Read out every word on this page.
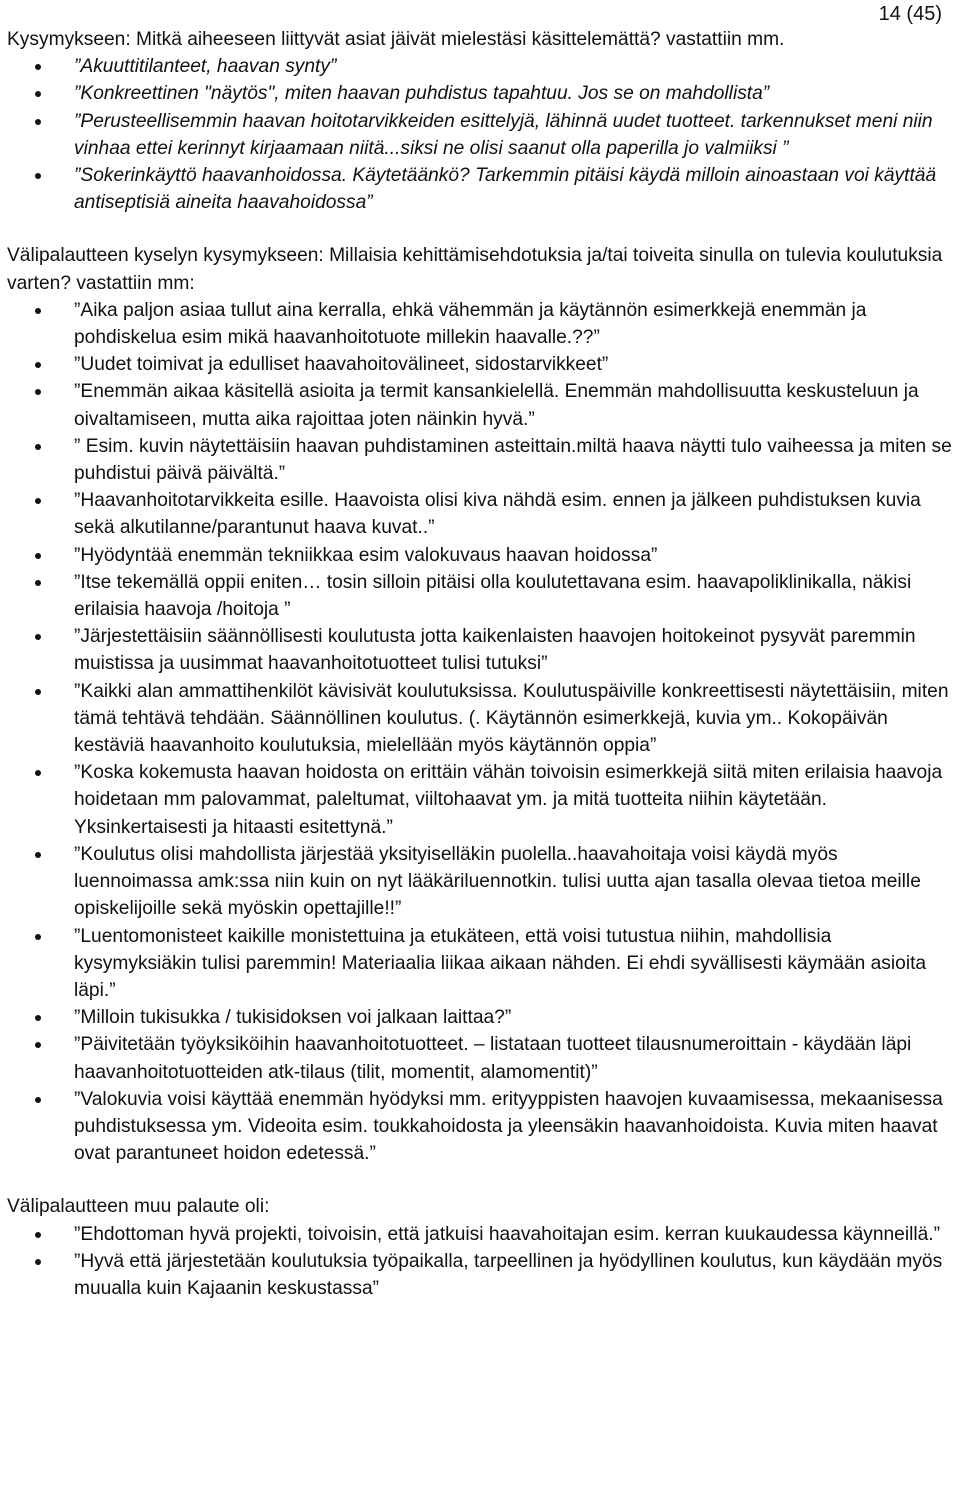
14 (45)

Kysymykseen: Mitkä aiheeseen liittyvät asiat jäivät mielestäsi käsittelemättä? vastattiin mm.

”Akuuttitilanteet, haavan synty”
”Konkreettinen "näytös", miten haavan puhdistus tapahtuu. Jos se on mahdollista”
”Perusteellisemmin haavan hoitotarvikkeiden esittelyjä, lähinnä uudet tuotteet. tarkennukset meni niin vinhaa ettei kerinnyt kirjaamaan niitä...siksi ne olisi saanut olla paperilla jo valmiiksi ”
”Sokerinkäyttö haavanhoidossa. Käytetäänkö? Tarkemmin pitäisi käydä milloin ainoastaan voi käyttää antiseptisiä aineita haavahoidossa”

Välipalautteen kyselyn kysymykseen: Millaisia kehittämisehdotuksia ja/tai toiveita sinulla on tulevia koulutuksia varten? vastattiin mm:

”Aika paljon asiaa tullut aina kerralla, ehkä vähemmän ja käytännön esimerkkejä enemmän ja pohdiskelua esim mikä haavanhoitotuote millekin haavalle.??”
”Uudet toimivat ja edulliset haavahoitovälineet, sidostarvikkeet”
”Enemmän aikaa käsitellä asioita ja termit kansankielellä. Enemmän mahdollisuutta keskusteluun ja oivaltamiseen, mutta aika rajoittaa joten näinkin hyvä.”
” Esim. kuvin näytettäisiin haavan puhdistaminen asteittain.miltä haava näytti tulo vaiheessa ja miten se puhdistui päivä päivältä.”
”Haavanhoitotarvikkeita esille. Haavoista olisi kiva nähdä esim. ennen ja jälkeen puhdistuksen kuvia sekä alkutilanne/parantunut haava kuvat..”
”Hyödyntää enemmän tekniikkaa esim valokuvaus haavan hoidossa”
”Itse tekemällä oppii eniten… tosin silloin pitäisi olla koulutettavana esim. haavapoliklinikalla, näkisi erilaisia haavoja /hoitoja ”
”Järjestettäisiin säännöllisesti koulutusta jotta kaikenlaisten haavojen hoitokeinot pysyvät paremmin muistissa ja uusimmat haavanhoitotuotteet tulisi tutuksi”
”Kaikki alan ammattihenkilöt kävisivät koulutuksissa. Koulutuspäiville konkreettisesti näytettäisiin, miten tämä tehtävä tehdään. Säännöllinen koulutus. (. Käytännön esimerkkejä, kuvia ym.. Kokopäivän kestäviä haavanhoito koulutuksia, mielellään myös käytännön oppia”
”Koska kokemusta haavan hoidosta on erittäin vähän toivoisin esimerkkejä siitä miten erilaisia haavoja hoidetaan mm palovammat, paleltumat, viiltohaavat ym. ja mitä tuotteita niihin käytetään. Yksinkertaisesti ja hitaasti esitettynä.”
”Koulutus olisi mahdollista järjestää yksityiselläkin puolella..haavahoitaja voisi käydä myös luennoimassa amk:ssa niin kuin on nyt lääkäriluennotkin. tulisi uutta ajan tasalla olevaa tietoa meille opiskelijoille sekä myöskin opettajille!!”
”Luentomonisteet kaikille monistettuina ja etukäteen, että voisi tutustua niihin, mahdollisia kysymyksiäkin tulisi paremmin! Materiaalia liikaa aikaan nähden. Ei ehdi syvällisesti käymään asioita läpi.”
”Milloin tukisukka / tukisidoksen voi jalkaan laittaa?”
”Päivitetään työyksiköihin haavanhoitotuotteet. – listataan tuotteet tilausnumeroittain - käydään läpi haavanhoitotuotteiden atk-tilaus (tilit, momentit, alamomentit)”
”Valokuvia voisi käyttää enemmän hyödyksi mm. erityyppisten haavojen kuvaamisessa, mekaanisessa puhdistuksessa ym. Videoita esim. toukkahoidosta ja yleensäkin haavanhoidoista. Kuvia miten haavat ovat parantuneet hoidon edetessä.”

Välipalautteen muu palaute oli:

”Ehdottoman hyvä projekti, toivoisin, että jatkuisi haavahoitajan esim. kerran kuukaudessa käynneillä.”
”Hyvä että järjestetään koulutuksia työpaikalla, tarpeellinen ja hyödyllinen koulutus, kun käydään myös muualla kuin Kajaanin keskustassa”
